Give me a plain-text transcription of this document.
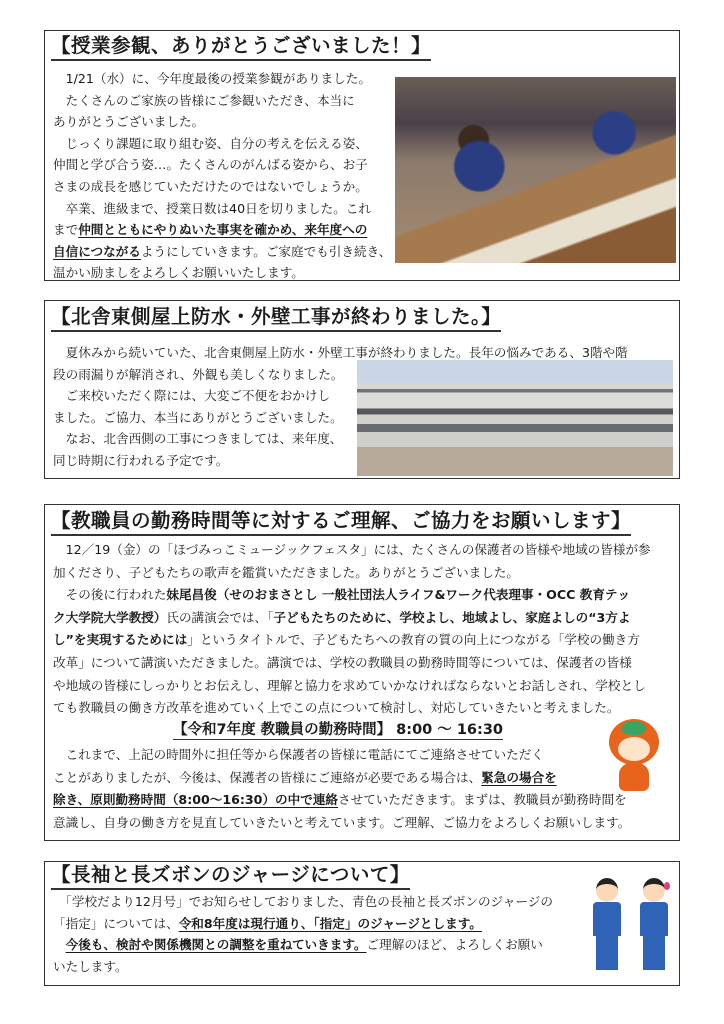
【授業参観、ありがとうございました！】
　1/21（水）に、今年度最後の授業参観がありました。
　たくさんのご家族の皆様にご参観いただき、本当に
ありがとうございました。
　じっくり課題に取り組む姿、自分の考えを伝える姿、
仲間と学び合う姿…。たくさんのがんばる姿から、お子
さまの成長を感じていただけたのではないでしょうか。
　卒業、進級まで、授業日数は40日を切りました。これ
まで仲間とともにやりぬいた事実を確かめ、来年度への
自信につながるようにしていきます。ご家庭でも引き続き、
温かい励ましをよろしくお願いいたします。
【北舎東側屋上防水・外壁工事が終わりました。】
　夏休みから続いていた、北舎東側屋上防水・外壁工事が終わりました。長年の悩みである、3階や階
段の雨漏りが解消され、外観も美しくなりました。
　ご来校いただく際には、大変ご不便をおかけし
ました。ご協力、本当にありがとうございました。
　なお、北舎西側の工事につきましては、来年度、
同じ時期に行われる予定です。
【教職員の勤務時間等に対するご理解、ご協力をお願いします】
　12／19（金）の「ほづみっこミュージックフェスタ」には、たくさんの保護者の皆様や地域の皆様が参
加くださり、子どもたちの歌声を鑑賞いただきました。ありがとうございました。
　その後に行われた妹尾昌俊（せのおまさとし 一般社団法人ライフ&ワーク代表理事・OCC 教育テッ
ク大学院大学教授）氏の講演会では、「子どもたちのために、学校よし、地域よし、家庭よしの“3方よ
し”を実現するためには」というタイトルで、子どもたちへの教育の質の向上につながる「学校の働き方
改革」について講演いただきました。講演では、学校の教職員の勤務時間等については、保護者の皆様
や地域の皆様にしっかりとお伝えし、理解と協力を求めていかなければならないとお話しされ、学校とし
ても教職員の働き方改革を進めていく上でこの点について検討し、対応していきたいと考えました。
【令和7年度 教職員の勤務時間】 8:00 ～ 16:30
　これまで、上記の時間外に担任等から保護者の皆様に電話にてご連絡させていただく
ことがありましたが、今後は、保護者の皆様にご連絡が必要である場合は、緊急の場合を
除き、原則勤務時間（8:00～16:30）の中で連絡させていただきます。まずは、教職員が勤務時間を
意識し、自身の働き方を見直していきたいと考えています。ご理解、ご協力をよろしくお願いします。
【長袖と長ズボンのジャージについて】
　「学校だより12月号」でお知らせしておりました、青色の長袖と長ズボンのジャージの
「指定」については、令和8年度は現行通り、「指定」のジャージとします。
　今後も、検討や関係機関との調整を重ねていきます。ご理解のほど、よろしくお願い
いたします。
